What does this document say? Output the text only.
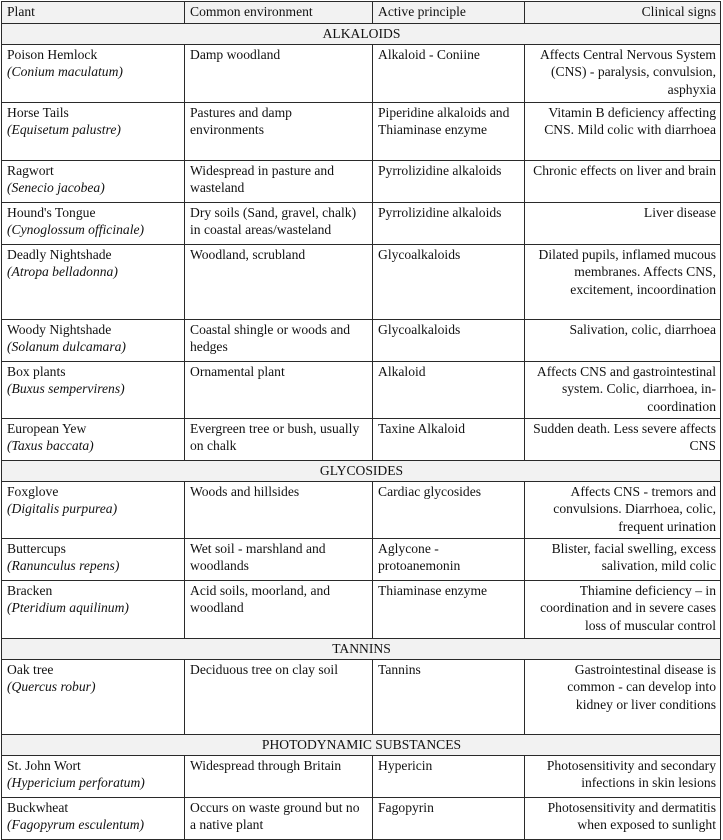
Plant	Common environment	Active principle	Clinical signs
ALKALOIDS			

Poison Hemlock
(Conium maculatum)	Damp woodland	Alkaloid - Coniine	Affects Central Nervous System (CNS) - paralysis, convulsion, asphyxia

Horse Tails
(Equisetum palustre)	Pastures and damp environments	Piperidine alkaloids and Thiaminase enzyme	Vitamin B deficiency affecting CNS. Mild colic with diarrhoea

Ragwort
(Senecio jacobea)	Widespread in pasture and wasteland	Pyrrolizidine alkaloids	Chronic effects on liver and brain

Hound's Tongue
(Cynoglossum officinale)	Dry soils (Sand, gravel, chalk) in coastal areas/wasteland	Pyrrolizidine alkaloids	Liver disease

Deadly Nightshade
(Atropa belladonna)	Woodland, scrubland	Glycoalkaloids	Dilated pupils, inflamed mucous membranes. Affects CNS, excitement, incoordination

Woody Nightshade
(Solanum dulcamara)	Coastal shingle or woods and hedges	Glycoalkaloids	Salivation, colic, diarrhoea

Box plants
(Buxus sempervirens)	Ornamental plant	Alkaloid	Affects CNS and gastrointestinal system. Colic, diarrhoea, in-coordination

European Yew
(Taxus baccata)	Evergreen tree or bush, usually on chalk	Taxine Alkaloid	Sudden death. Less severe affects CNS
GLYCOSIDES			

Foxglove
(Digitalis purpurea)	Woods and hillsides	Cardiac glycosides	Affects CNS - tremors and convulsions. Diarrhoea, colic, frequent urination

Buttercups
(Ranunculus repens)	Wet soil - marshland and woodlands	Aglycone - protoanemonin	Blister, facial swelling, excess salivation, mild colic

Bracken
(Pteridium aquilinum)	Acid soils, moorland, and woodland	Thiaminase enzyme	Thiamine deficiency – in coordination and in severe cases loss of muscular control
TANNINS			

Oak tree
(Quercus robur)	Deciduous tree on clay soil	Tannins	Gastrointestinal disease is common - can develop into kidney or liver conditions
PHOTODYNAMIC SUBSTANCES			

St. John Wort
(Hypericium perforatum)	Widespread through Britain	Hypericin	Photosensitivity and secondary infections in skin lesions

Buckwheat
(Fagopyrum esculentum)	Occurs on waste ground but no a native plant	Fagopyrin	Photosensitivity and dermatitis when exposed to sunlight
